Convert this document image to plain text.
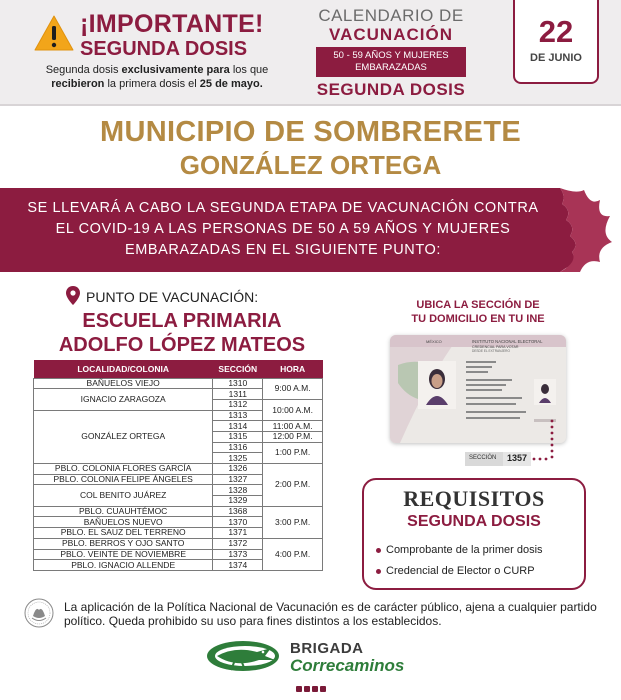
¡IMPORTANTE!
SEGUNDA DOSIS
Segunda dosis exclusivamente para los que recibieron la primera dosis el 25 de mayo.
CALENDARIO DE
VACUNACIÓN
50 - 59 AÑOS Y MUJERES EMBARAZADAS
SEGUNDA DOSIS
22
DE JUNIO
MUNICIPIO DE SOMBRERETE
GONZÁLEZ ORTEGA
SE LLEVARÁ A CABO LA SEGUNDA ETAPA DE VACUNACIÓN CONTRA EL COVID-19 A LAS PERSONAS DE 50 A 59 AÑOS Y MUJERES EMBARAZADAS EN EL SIGUIENTE PUNTO:
PUNTO DE VACUNACIÓN:
ESCUELA PRIMARIA
ADOLFO LÓPEZ MATEOS
LOCALIDAD/COLONIA	SECCIÓN	HORA
BAÑUELOS VIEJO	1310	9:00 A.M.
IGNACIO ZARAGOZA	1311	
	1312	10:00 A.M.
GONZÁLEZ ORTEGA	1313	
	1314	11:00 A.M.
	1315	12:00 P.M.
	1316	1:00 P.M.
	1325	
PBLO. COLONIA FLORES GARCÍA	1326	2:00 P.M.
PBLO. COLONIA FELIPE ÁNGELES	1327	
COL BENITO JUÁREZ	1328	
	1329	
PBLO. CUAUHTÉMOC	1368	3:00 P.M.
BAÑUELOS NUEVO	1370	
PBLO. EL SAUZ DEL TERRENO	1371	
PBLO. BERROS Y OJO SANTO	1372	4:00 P.M.
PBLO. VEINTE DE NOVIEMBRE	1373	
PBLO. IGNACIO ALLENDE	1374	
UBICA LA SECCIÓN DE
TU DOMICILIO EN TU INE
MÉXICO	INSTITUTO NACIONAL ELECTORAL
CREDENCIAL PARA VOTAR
DESDE EL EXTRANJERO
SECCIÓN	1357
REQUISITOS
SEGUNDA DOSIS
Comprobante de la primer dosis
Credencial de Elector o CURP
La aplicación de la Política Nacional de Vacunación es de carácter público, ajena a cualquier partido político. Queda prohibido su uso para fines distintos a los establecidos.
BRIGADA
Correcaminos
